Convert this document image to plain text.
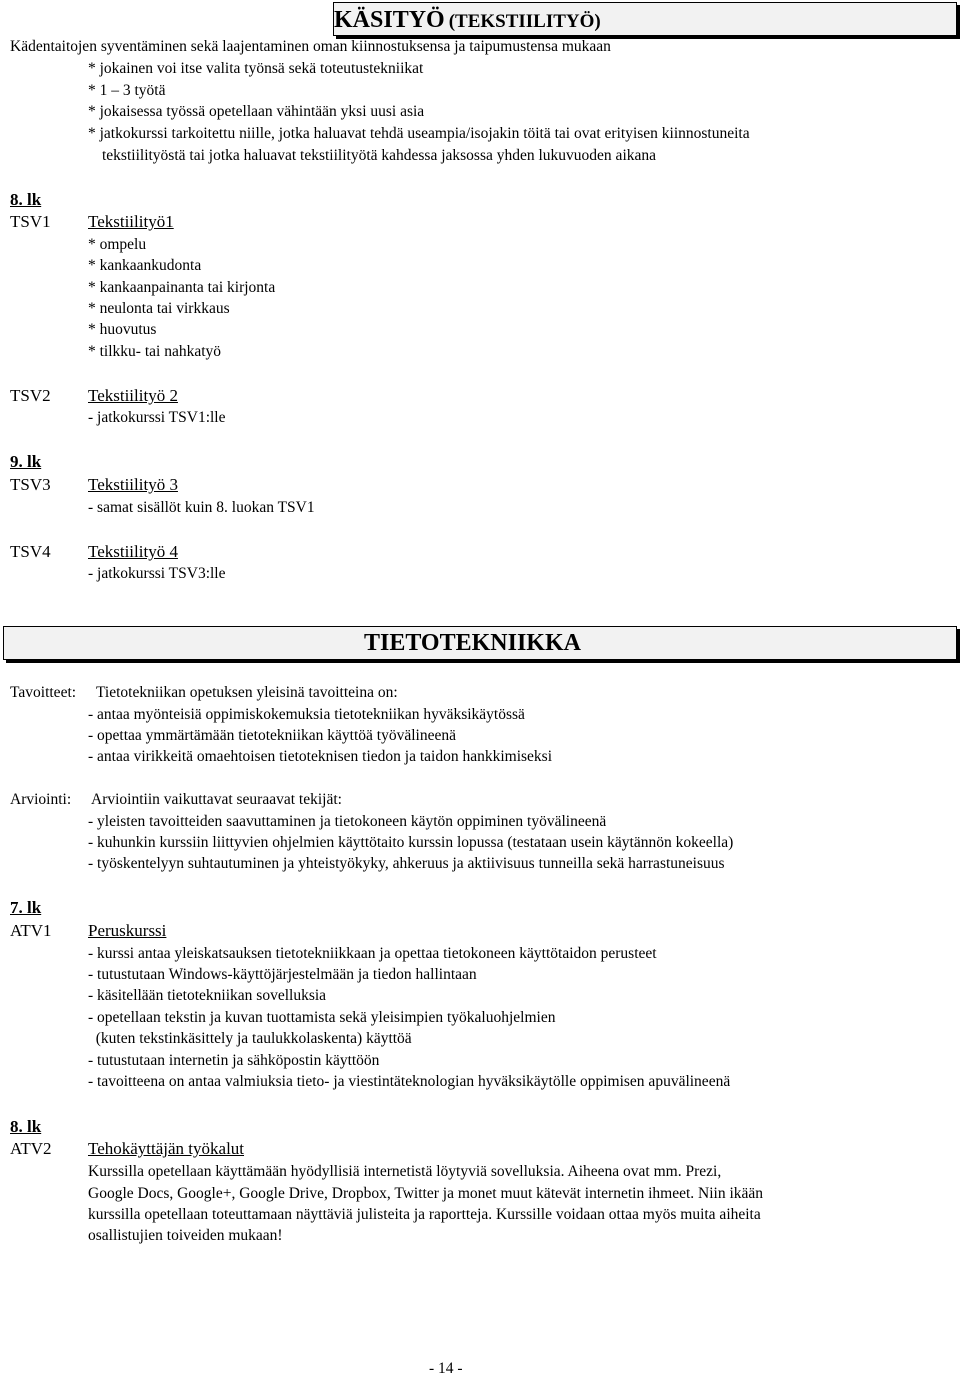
KÄSITYÖ (TEKSTIILITYÖ)
Kädentaitojen syventäminen sekä laajentaminen oman kiinnostuksensa ja taipumustensa mukaan
* jokainen voi itse valita työnsä sekä toteutustekniikat
* 1 – 3 työtä
* jokaisessa työssä opetellaan vähintään yksi uusi asia
* jatkokurssi tarkoitettu niille, jotka haluavat tehdä useampia/isojakin töitä tai ovat erityisen kiinnostuneita
tekstiilityöstä tai jotka haluavat tekstiilityötä kahdessa jaksossa yhden lukuvuoden aikana
8. lk
TSV1 Tekstiilityö1
* ompelu
* kankaankudonta
* kankaanpainanta tai kirjonta
* neulonta tai virkkaus
* huovutus
* tilkku- tai nahkatyö
TSV2 Tekstiilityö 2
- jatkokurssi TSV1:lle
9. lk
TSV3 Tekstiilityö 3
- samat sisällöt kuin 8. luokan TSV1
TSV4 Tekstiilityö 4
- jatkokurssi TSV3:lle
TIETOTEKNIIKKA
Tavoitteet: Tietotekniikan opetuksen yleisinä tavoitteina on:
- antaa myönteisiä oppimiskokemuksia tietotekniikan hyväksikäytössä
- opettaa ymmärtämään tietotekniikan käyttöä työvälineenä
- antaa virikkeitä omaehtoisen tietoteknisen tiedon ja taidon hankkimiseksi
Arviointi: Arviointiin vaikuttavat seuraavat tekijät:
- yleisten tavoitteiden saavuttaminen ja tietokoneen käytön oppiminen työvälineenä
- kuhunkin kurssiin liittyvien ohjelmien käyttötaito kurssin lopussa (testataan usein käytännön kokeella)
- työskentelyyn suhtautuminen ja yhteistyökyky, ahkeruus ja aktiivisuus tunneilla sekä harrastuneisuus
7. lk
ATV1 Peruskurssi
- kurssi antaa yleiskatsauksen tietotekniikkaan ja opettaa tietokoneen käyttötaidon perusteet
- tutustutaan Windows-käyttöjärjestelmään ja tiedon hallintaan
- käsitellään tietotekniikan sovelluksia
- opetellaan tekstin ja kuvan tuottamista sekä yleisimpien työkaluohjelmien
(kuten tekstinkäsittely ja taulukkolaskenta) käyttöä
- tutustutaan internetin ja sähköpostin käyttöön
- tavoitteena on antaa valmiuksia tieto- ja viestintäteknologian hyväksikäytölle oppimisen apuvälineenä
8. lk
ATV2 Tehokäyttäjän työkalut
Kurssilla opetellaan käyttämään hyödyllisiä internetistä löytyviä sovelluksia. Aiheena ovat mm. Prezi,
Google Docs, Google+, Google Drive, Dropbox, Twitter ja monet muut kätevät internetin ihmeet. Niin ikään
kurssilla opetellaan toteuttamaan näyttäviä julisteita ja raportteja. Kurssille voidaan ottaa myös muita aiheita
osallistujien toiveiden mukaan!
- 14 -
